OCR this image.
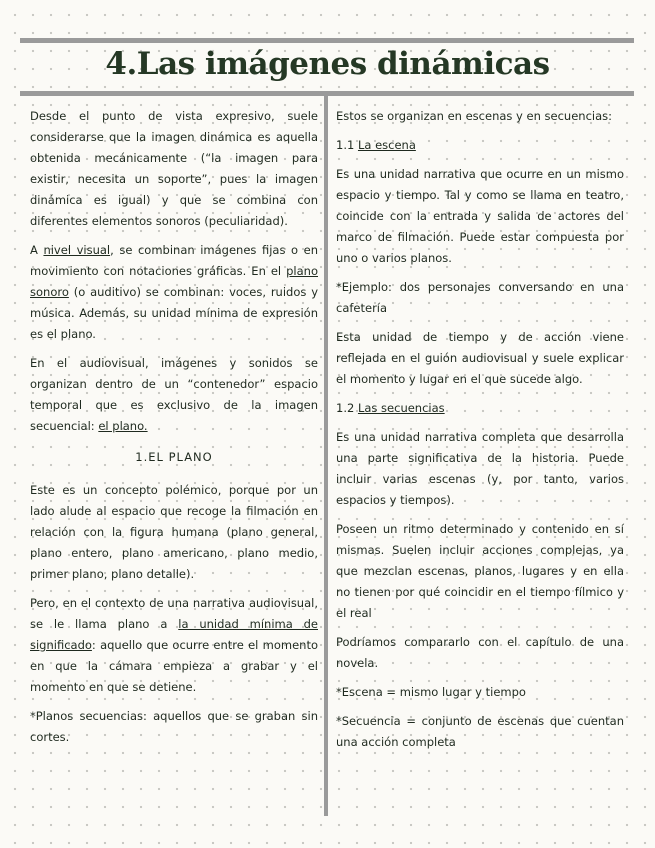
4.Las imágenes dinámicas

Desde el punto de vista expresivo, suele considerarse que la imagen dinámica es aquella obtenida mecánicamente (“la imagen para existir, necesita un soporte”, pues la imagen dinámica es igual) y que se combina con diferentes elementos sonoros (peculiaridad).

A nivel visual, se combinan imágenes fijas o en movimiento con notaciones gráficas. En el plano sonoro (o auditivo) se combinan: voces, ruidos y música. Además, su unidad mínima de expresión es el plano.

En el audiovisual, imágenes y sonidos se organizan dentro de un “contenedor” espacio temporal que es exclusivo de la imagen secuencial: el plano.

1.EL PLANO

Este es un concepto polémico, porque por un lado alude al espacio que recoge la filmación en relación con la figura humana (plano general, plano entero, plano americano, plano medio, primer plano, plano detalle).

Pero, en el contexto de una narrativa audiovisual, se le llama plano a la unidad mínima de significado: aquello que ocurre entre el momento en que la cámara empieza a grabar y el momento en que se detiene.

*Planos secuencias: aquellos que se graban sin cortes.

Estos se organizan en escenas y en secuencias:

1.1 La escena

Es una unidad narrativa que ocurre en un mismo espacio y tiempo. Tal y como se llama en teatro, coincide con la entrada y salida de actores del marco de filmación. Puede estar compuesta por uno o varios planos.

*Ejemplo: dos personajes conversando en una cafetería

Esta unidad de tiempo y de acción viene reflejada en el guión audiovisual y suele explicar el momento y lugar en el que sucede algo.

1.2 Las secuencias

Es una unidad narrativa completa que desarrolla una parte significativa de la historia. Puede incluir varias escenas (y, por tanto, varios espacios y tiempos).

Poseen un ritmo determinado y contenido en sí mismas. Suelen incluir acciones complejas, ya que mezclan escenas, planos, lugares y en ella no tienen por qué coincidir en el tiempo fílmico y el real

Podríamos compararlo con el capítulo de una novela.

*Escena = mismo lugar y tiempo

*Secuencia = conjunto de escenas que cuentan una acción completa
